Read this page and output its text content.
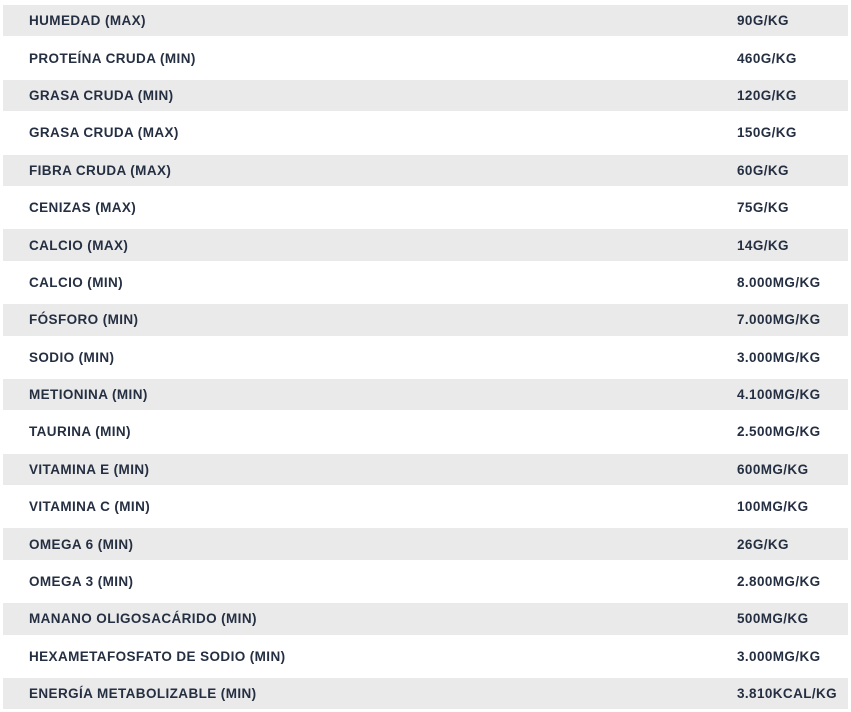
HUMEDAD (MAX)	90G/KG
PROTEÍNA CRUDA (MIN)	460G/KG
GRASA CRUDA (MIN)	120G/KG
GRASA CRUDA (MAX)	150G/KG
FIBRA CRUDA (MAX)	60G/KG
CENIZAS (MAX)	75G/KG
CALCIO (MAX)	14G/KG
CALCIO (MIN)	8.000MG/KG
FÓSFORO (MIN)	7.000MG/KG
SODIO (MIN)	3.000MG/KG
METIONINA (MIN)	4.100MG/KG
TAURINA (MIN)	2.500MG/KG
VITAMINA E (MIN)	600MG/KG
VITAMINA C (MIN)	100MG/KG
OMEGA 6 (MIN)	26G/KG
OMEGA 3 (MIN)	2.800MG/KG
MANANO OLIGOSACÁRIDO (MIN)	500MG/KG
HEXAMETAFOSFATO DE SODIO (MIN)	3.000MG/KG
ENERGÍA METABOLIZABLE (MIN)	3.810KCAL/KG
